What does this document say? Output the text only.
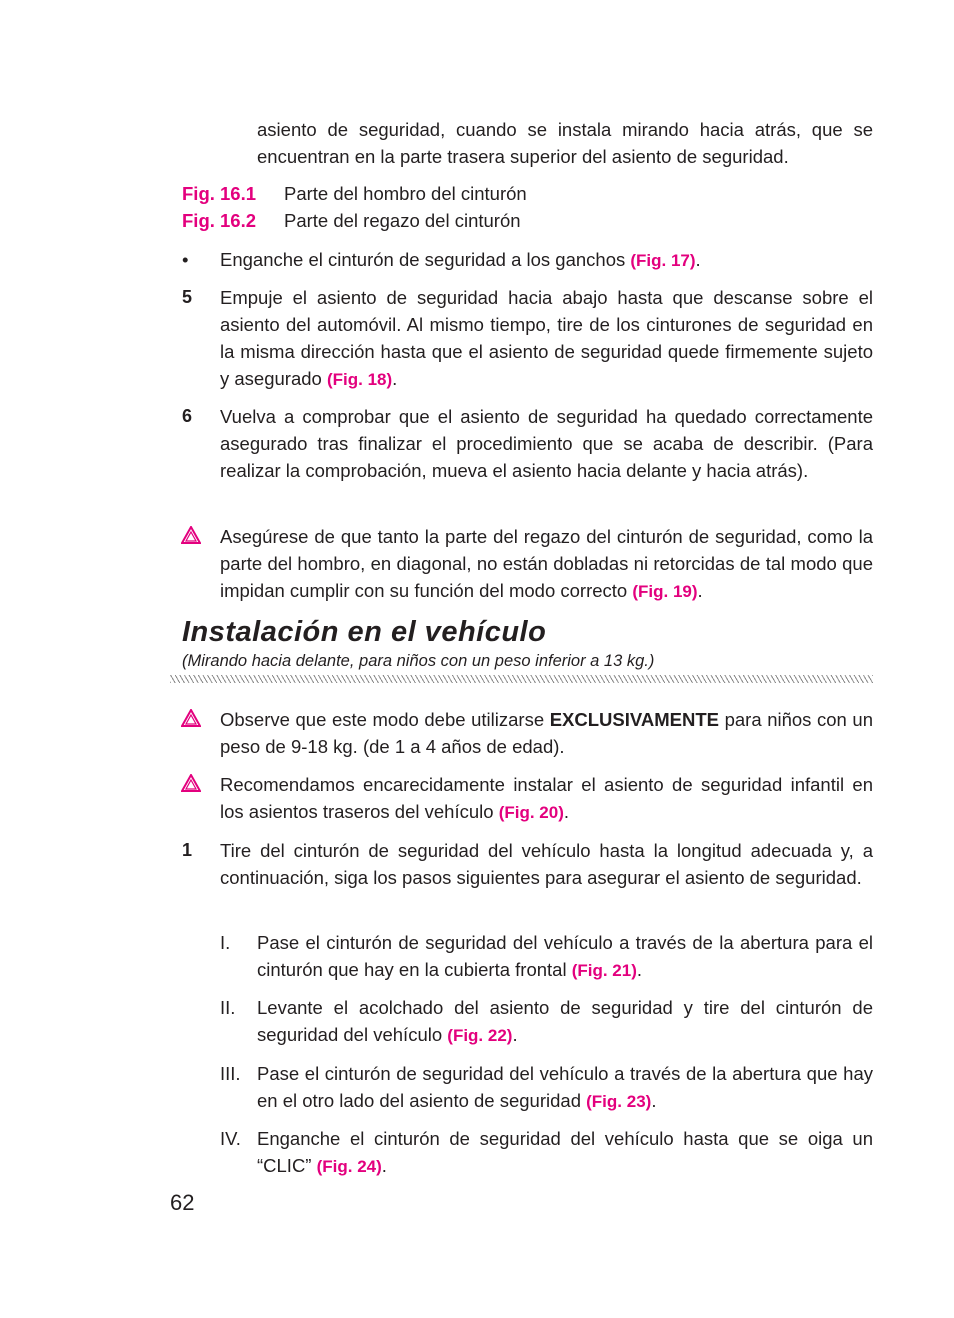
asiento de seguridad, cuando se instala mirando hacia atrás, que se encuentran en la parte trasera superior del asiento de seguridad.
Fig. 16.1 Parte del hombro del cinturón
Fig. 16.2 Parte del regazo del cinturón
• Enganche el cinturón de seguridad a los ganchos (Fig. 17).
5 Empuje el asiento de seguridad hacia abajo hasta que descanse sobre el asiento del automóvil. Al mismo tiempo, tire de los cinturones de seguridad en la misma dirección hasta que el asiento de seguridad quede firmemente sujeto y asegurado (Fig. 18).
6 Vuelva a comprobar que el asiento de seguridad ha quedado correctamente asegurado tras finalizar el procedimiento que se acaba de describir. (Para realizar la comprobación, mueva el asiento hacia delante y hacia atrás).
Asegúrese de que tanto la parte del regazo del cinturón de seguridad, como la parte del hombro, en diagonal, no están dobladas ni retorcidas de tal modo que impidan cumplir con su función del modo correcto (Fig. 19).
Instalación en el vehículo
(Mirando hacia delante, para niños con un peso inferior a 13 kg.)
Observe que este modo debe utilizarse EXCLUSIVAMENTE para niños con un peso de 9-18 kg. (de 1 a 4 años de edad).
Recomendamos encarecidamente instalar el asiento de seguridad infantil en los asientos traseros del vehículo (Fig. 20).
1 Tire del cinturón de seguridad del vehículo hasta la longitud adecuada y, a continuación, siga los pasos siguientes para asegurar el asiento de seguridad.
I. Pase el cinturón de seguridad del vehículo a través de la abertura para el cinturón que hay en la cubierta frontal (Fig. 21).
II. Levante el acolchado del asiento de seguridad y tire del cinturón de seguridad del vehículo (Fig. 22).
III. Pase el cinturón de seguridad del vehículo a través de la abertura que hay en el otro lado del asiento de seguridad (Fig. 23).
IV. Enganche el cinturón de seguridad del vehículo hasta que se oiga un “CLIC” (Fig. 24).
62
